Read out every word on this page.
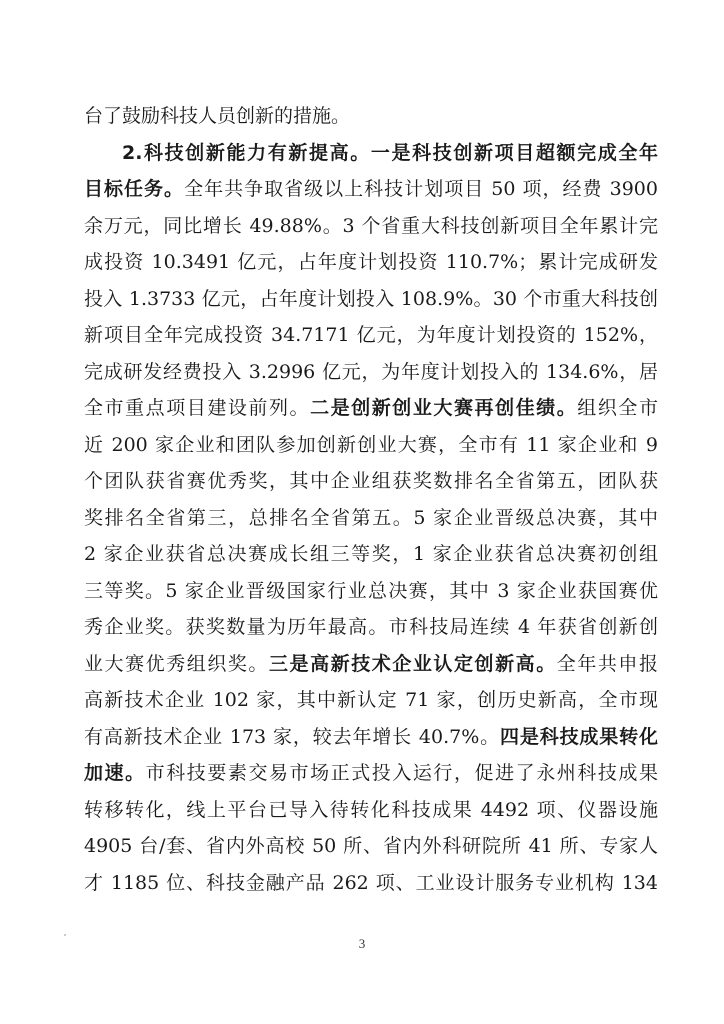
台了鼓励科技人员创新的措施。
2.科技创新能力有新提高。一是科技创新项目超额完成全年
目标任务。全年共争取省级以上科技计划项目 50 项，经费 3900
余万元，同比增长 49.88%。3 个省重大科技创新项目全年累计完
成投资 10.3491 亿元，占年度计划投资 110.7%；累计完成研发
投入 1.3733 亿元，占年度计划投入 108.9%。30 个市重大科技创
新项目全年完成投资 34.7171 亿元，为年度计划投资的 152%，
完成研发经费投入 3.2996 亿元，为年度计划投入的 134.6%，居
全市重点项目建设前列。二是创新创业大赛再创佳绩。组织全市
近 200 家企业和团队参加创新创业大赛，全市有 11 家企业和 9
个团队获省赛优秀奖，其中企业组获奖数排名全省第五，团队获
奖排名全省第三，总排名全省第五。5 家企业晋级总决赛，其中
2 家企业获省总决赛成长组三等奖，1 家企业获省总决赛初创组
三等奖。5 家企业晋级国家行业总决赛，其中 3 家企业获国赛优
秀企业奖。获奖数量为历年最高。市科技局连续 4 年获省创新创
业大赛优秀组织奖。三是高新技术企业认定创新高。全年共申报
高新技术企业 102 家，其中新认定 71 家，创历史新高，全市现
有高新技术企业 173 家，较去年增长 40.7%。四是科技成果转化
加速。市科技要素交易市场正式投入运行，促进了永州科技成果
转移转化，线上平台已导入待转化科技成果 4492 项、仪器设施
4905 台/套、省内外高校 50 所、省内外科研院所 41 所、专家人
才 1185 位、科技金融产品 262 项、工业设计服务专业机构 134
3
